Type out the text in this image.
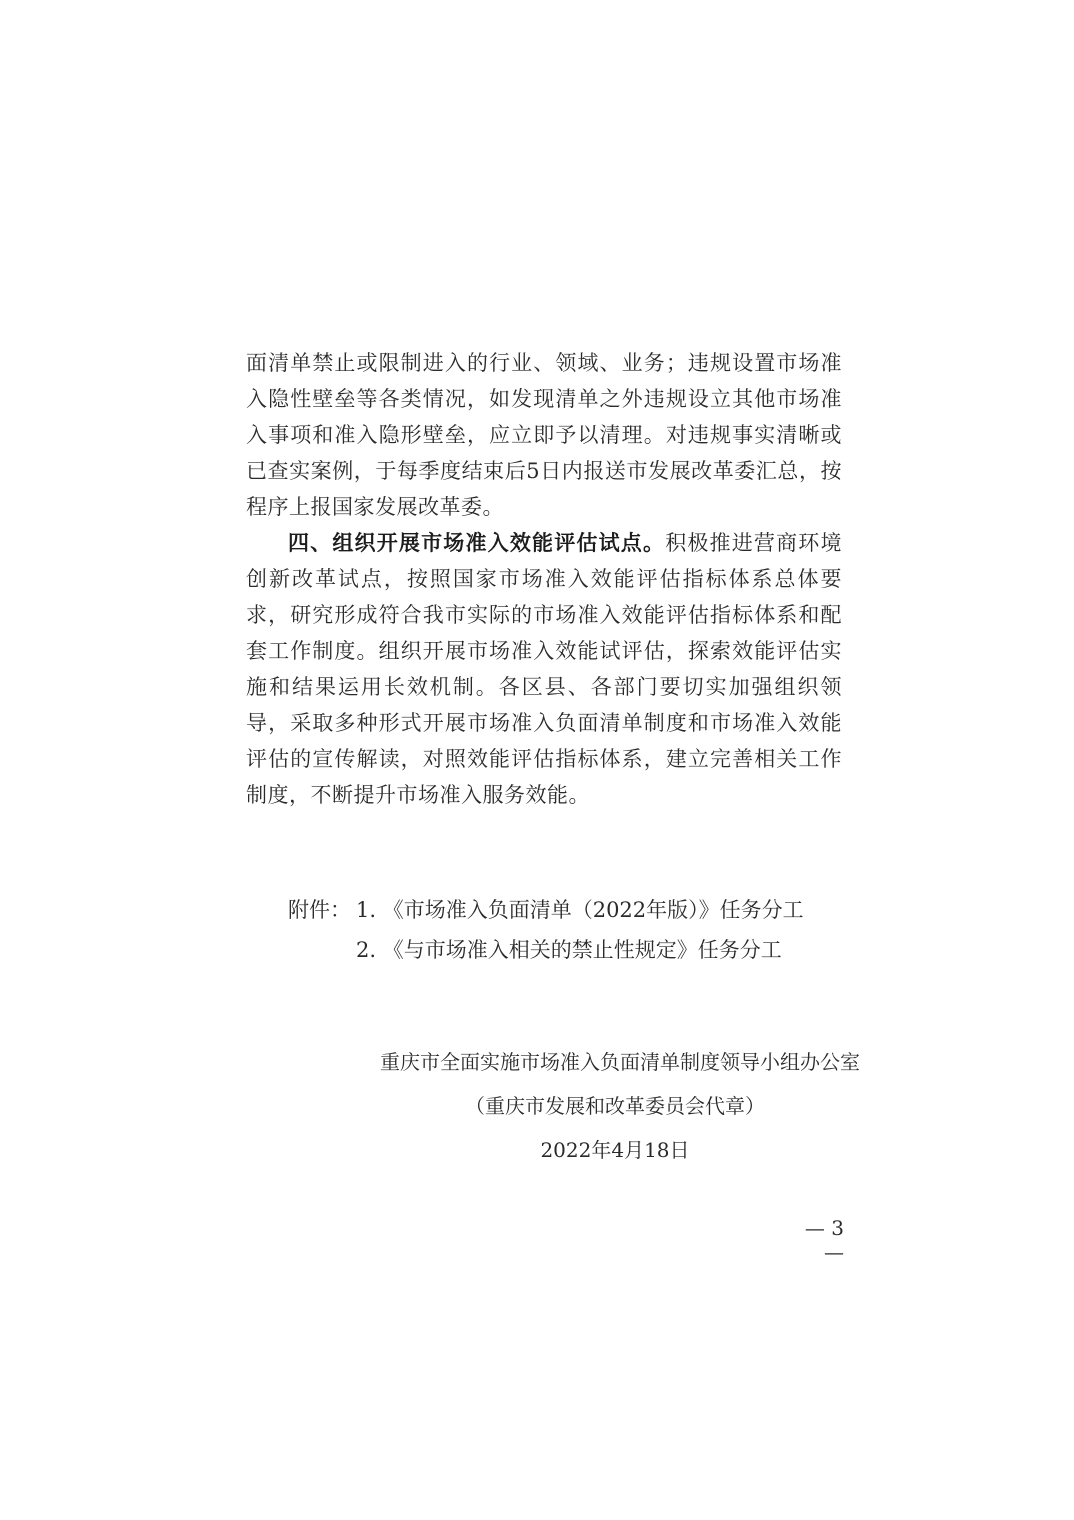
面清单禁止或限制进入的行业、领域、业务；违规设置市场准入隐性壁垒等各类情况，如发现清单之外违规设立其他市场准入事项和准入隐形壁垒，应立即予以清理。对违规事实清晰或已查实案例，于每季度结束后5日内报送市发展改革委汇总，按程序上报国家发展改革委。

四、组织开展市场准入效能评估试点。积极推进营商环境创新改革试点，按照国家市场准入效能评估指标体系总体要求，研究形成符合我市实际的市场准入效能评估指标体系和配套工作制度。组织开展市场准入效能试评估，探索效能评估实施和结果运用长效机制。各区县、各部门要切实加强组织领导，采取多种形式开展市场准入负面清单制度和市场准入效能评估的宣传解读，对照效能评估指标体系，建立完善相关工作制度，不断提升市场准入服务效能。

附件： 1. 《市场准入负面清单（2022年版）》任务分工
2. 《与市场准入相关的禁止性规定》任务分工
重庆市全面实施市场准入负面清单制度领导小组办公室
（重庆市发展和改革委员会代章）
2022年4月18日
— 3 —
